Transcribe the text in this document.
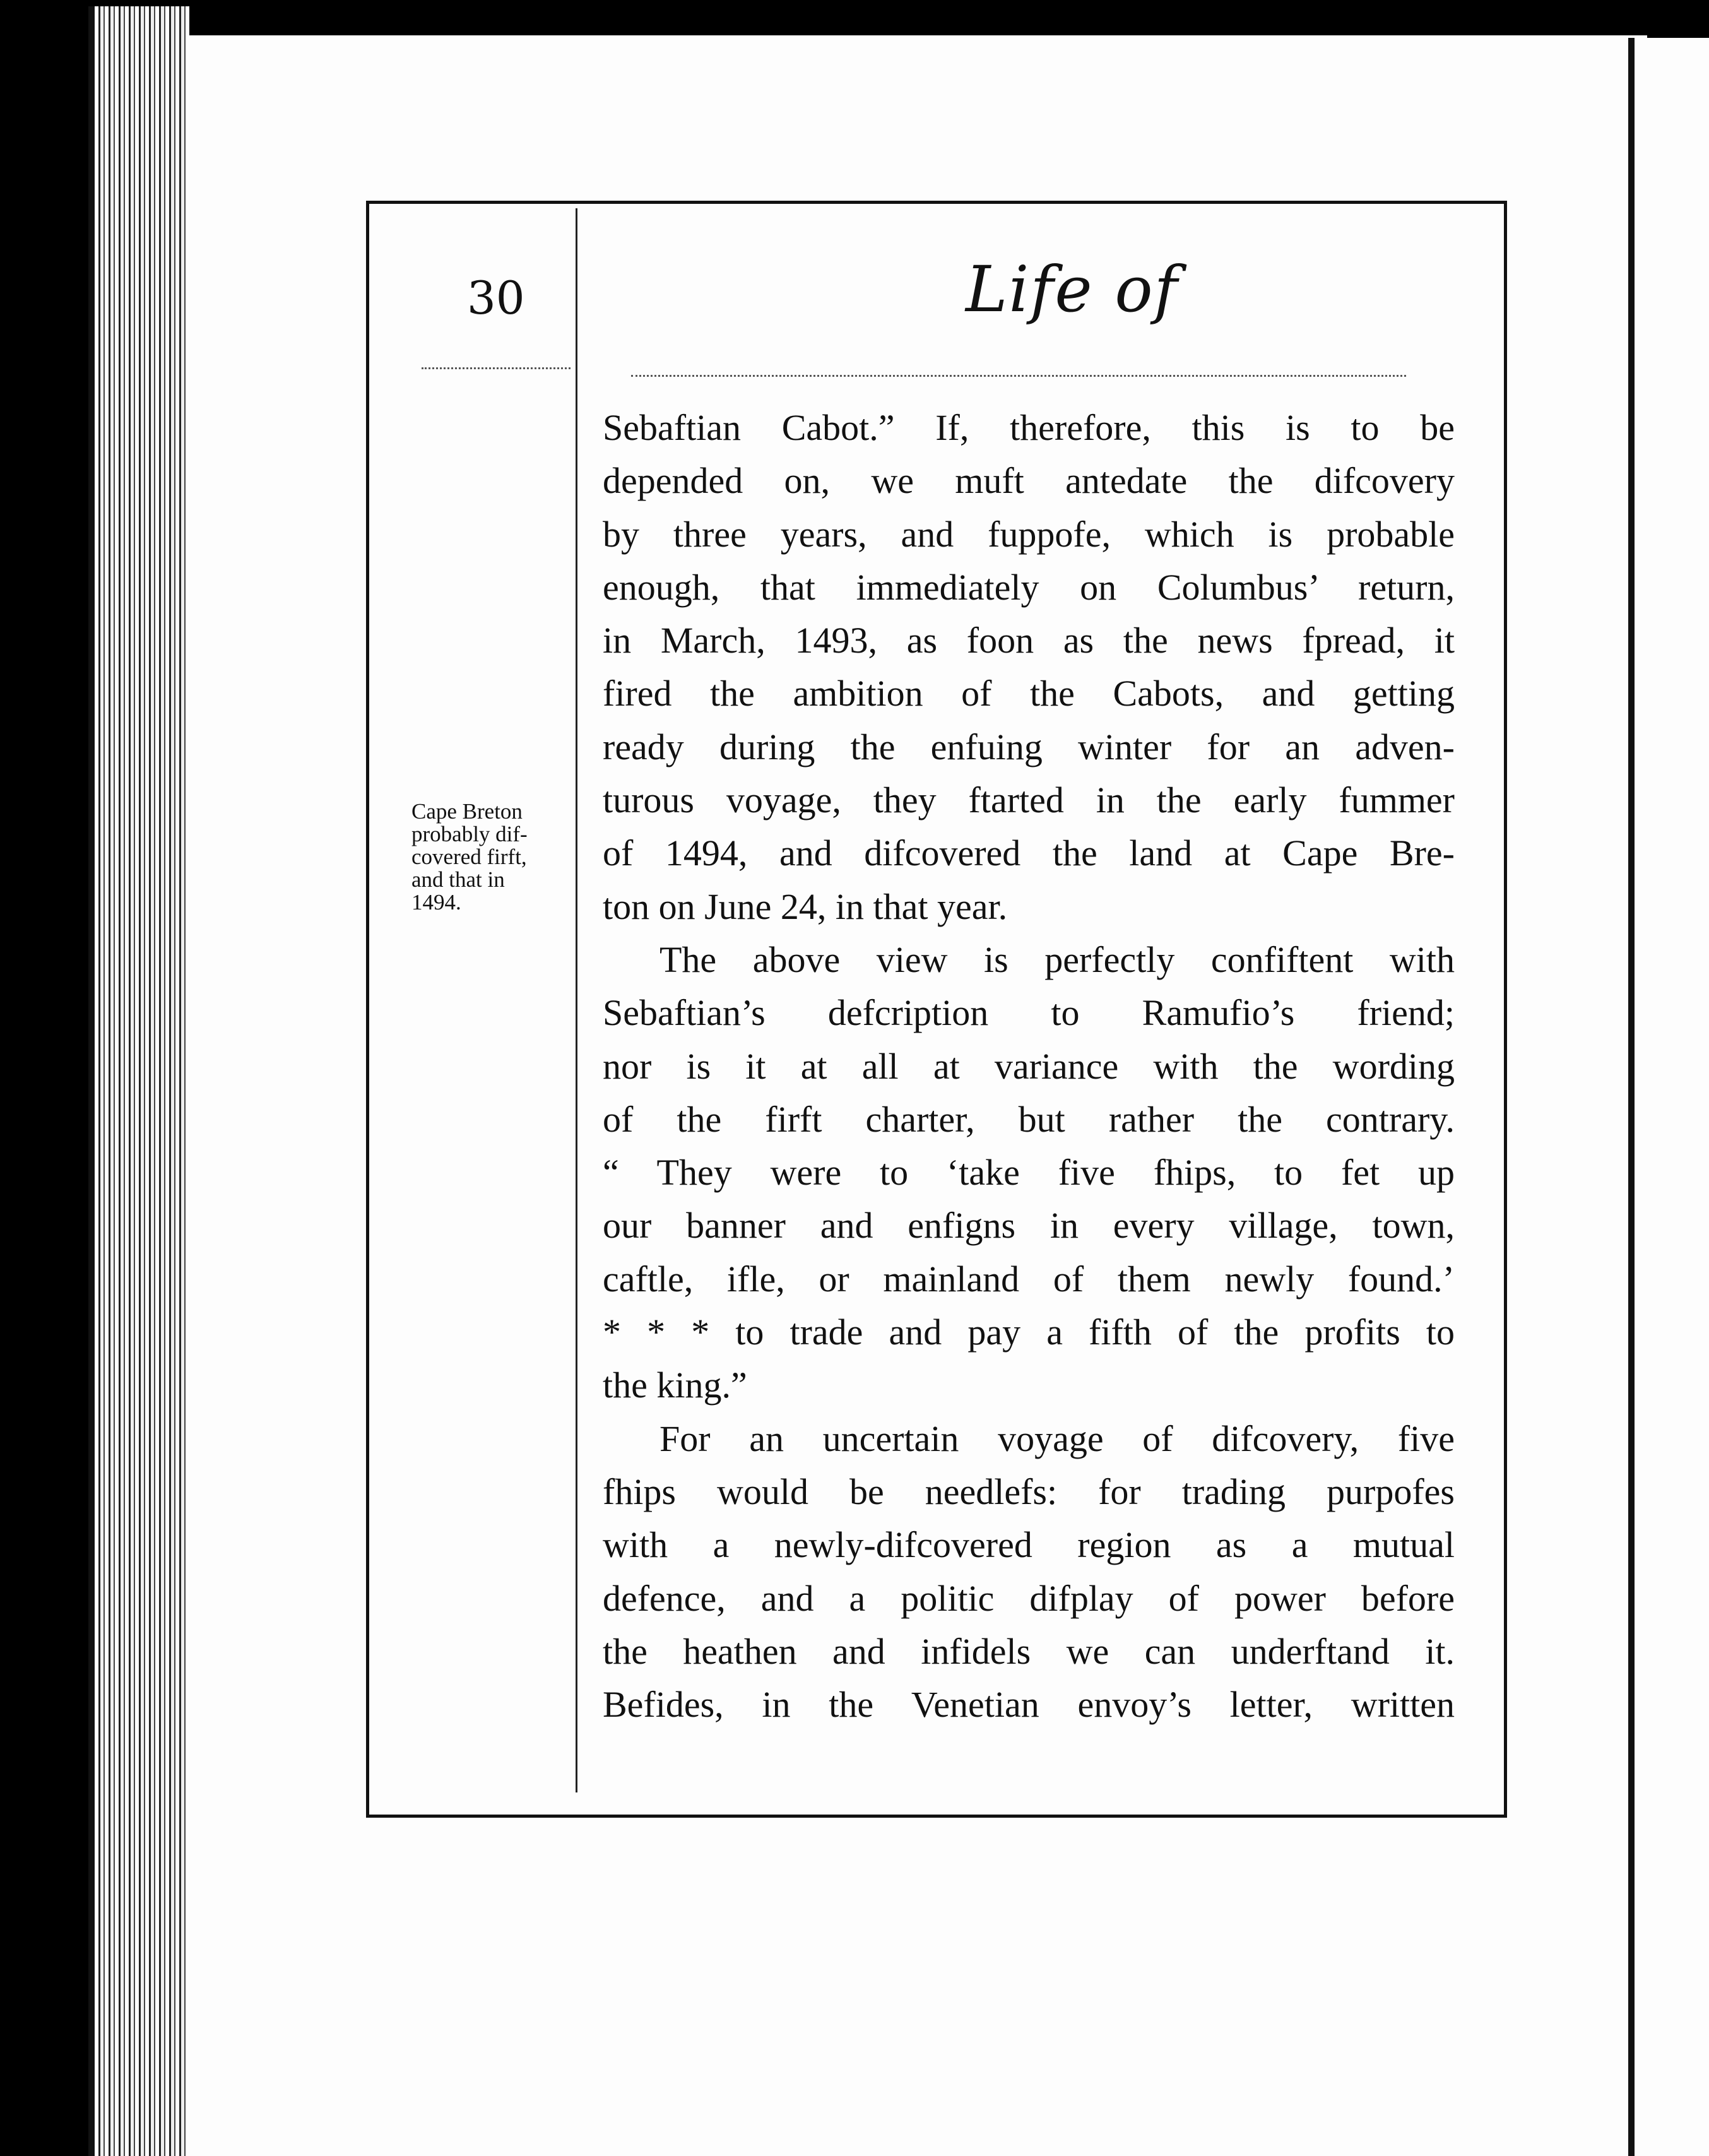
30	Life of
Cape Breton
probably dif-
covered firft,
and that in
1494.
Sebaftian Cabot.” If, therefore, this is to be
depended on, we muft antedate the difcovery
by three years, and fuppofe, which is probable
enough, that immediately on Columbus’ return,
in March, 1493, as foon as the news fpread, it
fired the ambition of the Cabots, and getting
ready during the enfuing winter for an adven-
turous voyage, they ftarted in the early fummer
of 1494, and difcovered the land at Cape Bre-
ton on June 24, in that year.
The above view is perfectly confiftent with
Sebaftian’s defcription to Ramufio’s friend;
nor is it at all at variance with the wording
of the firft charter, but rather the contrary.
“ They were to ‘take five fhips, to fet up
our banner and enfigns in every village, town,
caftle, ifle, or mainland of them newly found.’
* * * to trade and pay a fifth of the profits to
the king.”
For an uncertain voyage of difcovery, five
fhips would be needlefs: for trading purpofes
with a newly-difcovered region as a mutual
defence, and a politic difplay of power before
the heathen and infidels we can underftand it.
Befides, in the Venetian envoy’s letter, written
